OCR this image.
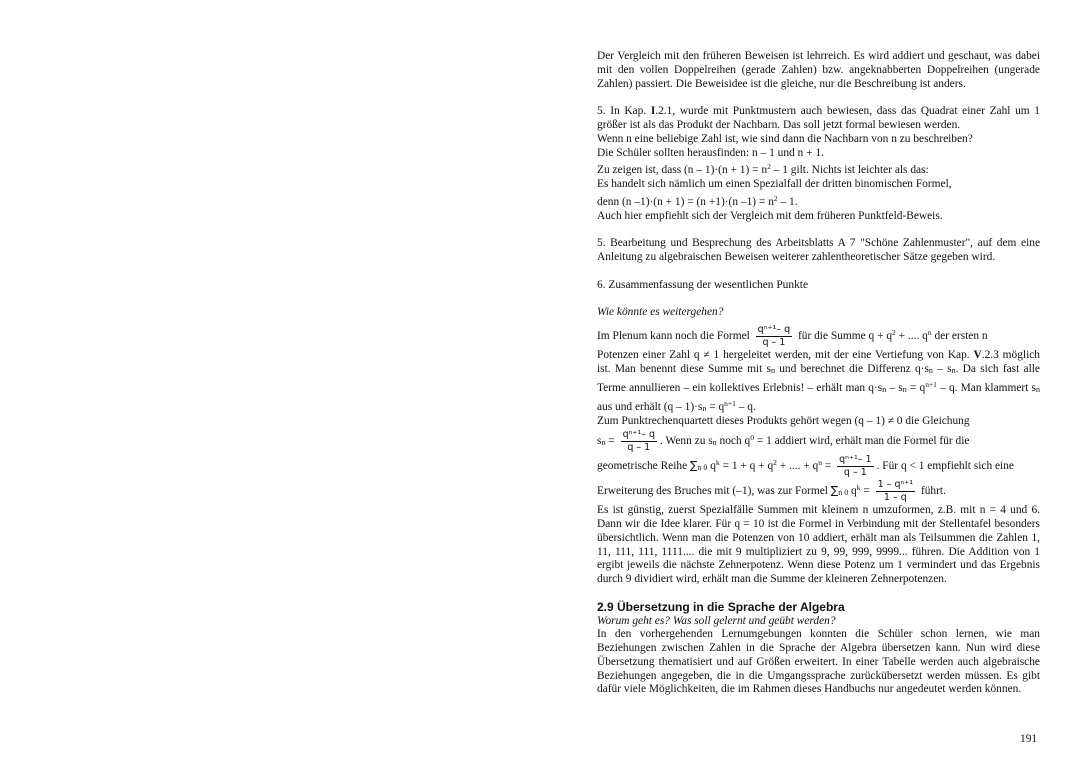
Der Vergleich mit den früheren Beweisen ist lehrreich. Es wird addiert und geschaut, was dabei mit den vollen Doppelreihen (gerade Zahlen) bzw. angeknabberten Doppelreihen (ungerade Zahlen) passiert. Die Beweisidee ist die gleiche, nur die Beschreibung ist anders.

5. In Kap. I.2.1, wurde mit Punktmustern auch bewiesen, dass das Quadrat einer Zahl um 1 größer ist als das Produkt der Nachbarn. Das soll jetzt formal bewiesen werden.

Wenn n eine beliebige Zahl ist, wie sind dann die Nachbarn von n zu beschreiben?

Die Schüler sollten herausfinden: n – 1 und n + 1.

Zu zeigen ist, dass $(n - 1)\cdot(n + 1) = n^2 - 1$ gilt. Nichts ist leichter als das:

Es handelt sich nämlich um einen Spezialfall der dritten binomischen Formel,

denn (n –1)·(n + 1) = (n +1)·(n $-1) = n^2 - 1$.

Auch hier empfiehlt sich der Vergleich mit dem früheren Punktfeld-Beweis.

5. Bearbeitung und Besprechung des Arbeitsblatts A 7 "Schöne Zahlenmuster", auf dem eine Anleitung zu algebraischen Beweisen weiterer zahlentheoretischer Sätze gegeben wird.

6. Zusammenfassung der wesentlichen Punkte

Wie könnte es weitergehen?

Im Plenum kann noch die Formel $\frac{\text{qⁿ⁺¹– q}}{q - 1}$ für die Summe $q + q^2$ + .... $q^n$ der ersten n

Potenzen einer Zahl q ≠ 1 hergeleitet werden, mit der eine Vertiefung von Kap. V.2.3 möglich ist. Man benennt diese Summe mit sn und berechnet die Differenz q·sn – sn. Da sich fast alle Terme annullieren – ein kollektives Erlebnis! – erhält man q·sn – sn = $q^{n+1}$ – q. Man klammert sn aus und erhält $(q - 1)\cdot sn = q^{n+1} - q$.

Zum Punktrechenquartett dieses Produkts gehört wegen (q – 1) ≠ 0 die Gleichung

sn = $\frac{\text{qⁿ⁺¹– q}}{q - 1}$ . Wenn zu sn noch $q^0 = 1$ addiert wird, erhält man die Formel für die

geometrische Reihe ∑n 0 $q^k = 1 + q + q^2$ + .... + $q^n = \frac{\text{qⁿ⁺¹– 1}}{q - 1}$ . Für q < 1 empfiehlt sich eine

Erweiterung des Bruches mit (–1), was zur Formel ∑n 0 $q^k = \frac{\text{1 – qⁿ⁺¹}}{1 - q}$ führt.

Es ist günstig, zuerst Spezialfälle Summen mit kleinem n umzuformen, z.B. mit n = 4 und 6. Dann wir die Idee klarer. Für q = 10 ist die Formel in Verbindung mit der Stellentafel besonders übersichtlich. Wenn man die Potenzen von 10 addiert, erhält man als Teilsummen die Zahlen 1, 11, 111, 111, 1111.... die mit 9 multipliziert zu 9, 99, 999, 9999... führen. Die Addition von 1 ergibt jeweils die nächste Zehnerpotenz. Wenn diese Potenz um 1 vermindert und das Ergebnis durch 9 dividiert wird, erhält man die Summe der kleineren Zehnerpotenzen.

2.9 Übersetzung in die Sprache der Algebra

Worum geht es? Was soll gelernt und geübt werden?

In den vorhergehenden Lernumgebungen konnten die Schüler schon lernen, wie man Beziehungen zwischen Zahlen in die Sprache der Algebra übersetzen kann. Nun wird diese Übersetzung thematisiert und auf Größen erweitert. In einer Tabelle werden auch algebraische Beziehungen angegeben, die in die Umgangssprache zurückübersetzt werden müssen. Es gibt dafür viele Möglichkeiten, die im Rahmen dieses Handbuchs nur angedeutet werden können.

191
